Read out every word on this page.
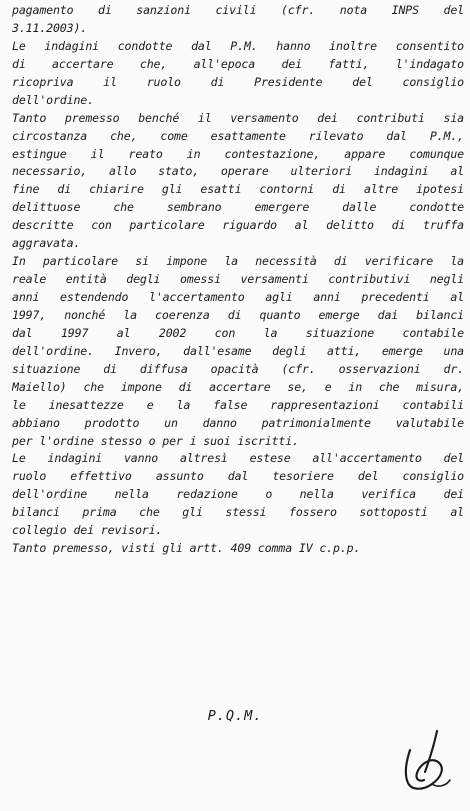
pagamento di sanzioni civili (cfr. nota INPS del
3.11.2003).
Le indagini condotte dal P.M. hanno inoltre consentito
di accertare che, all'epoca dei fatti, l'indagato
ricopriva il ruolo di Presidente del consiglio
dell'ordine.
Tanto premesso benché il versamento dei contributi sia
circostanza che, come esattamente rilevato dal P.M.,
estingue il reato in contestazione, appare comunque
necessario, allo stato, operare ulteriori indagini al
fine di chiarire gli esatti contorni di altre ipotesi
delittuose che sembrano emergere dalle condotte
descritte con particolare riguardo al delitto di truffa
aggravata.
In particolare si impone la necessità di verificare la
reale entità degli omessi versamenti contributivi negli
anni estendendo l'accertamento agli anni precedenti al
1997, nonché la coerenza di quanto emerge dai bilanci
dal 1997 al 2002 con la situazione contabile
dell'ordine. Invero, dall'esame degli atti, emerge una
situazione di diffusa opacità (cfr. osservazioni dr.
Maiello) che impone di accertare se, e in che misura,
le inesattezze e la false rappresentazioni contabili
abbiano prodotto un danno patrimonialmente valutabile
per l'ordine stesso o per i suoi iscritti.
Le indagini vanno altresì estese all'accertamento del
ruolo effettivo assunto dal tesoriere del consiglio
dell'ordine nella redazione o nella verifica dei
bilanci prima che gli stessi fossero sottoposti al
collegio dei revisori.
Tanto premesso, visti gli artt. 409 comma IV c.p.p.
P.Q.M.
